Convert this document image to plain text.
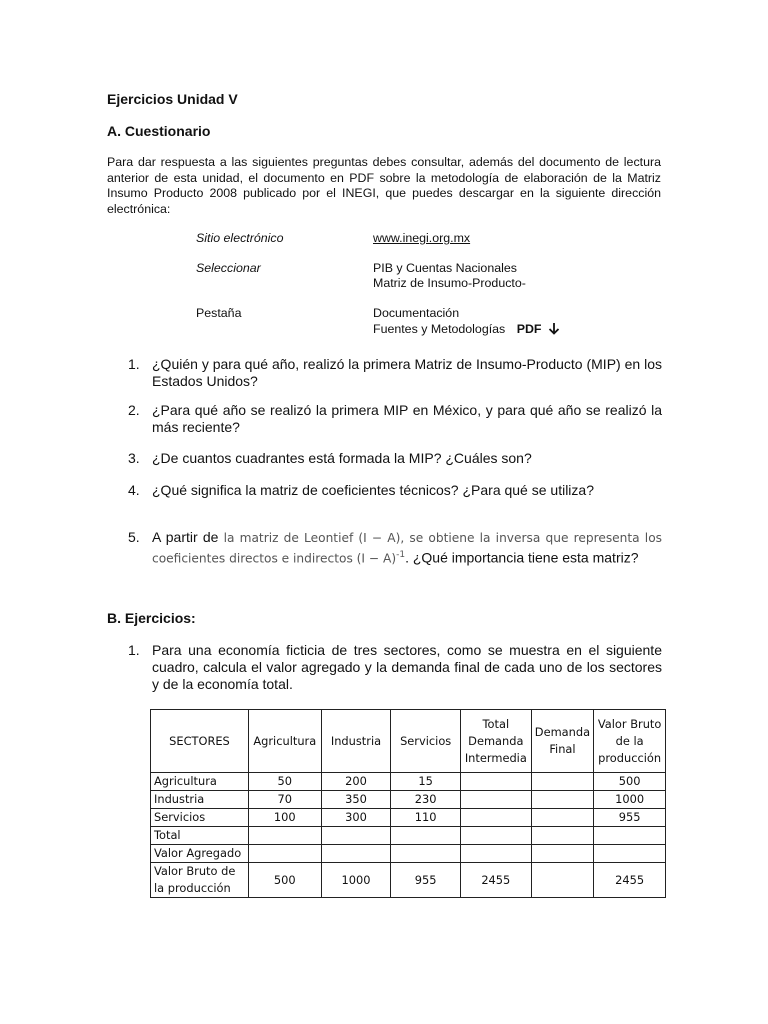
Ejercicios Unidad V
A. Cuestionario
Para dar respuesta a las siguientes preguntas debes consultar, además del documento de lectura anterior de esta unidad, el documento en PDF sobre la metodología de elaboración de la Matriz Insumo Producto 2008 publicado por el INEGI, que puedes descargar en la siguiente dirección electrónica:
Sitio electrónico	www.inegi.org.mx
Seleccionar	PIB y Cuentas Nacionales
Matriz de Insumo-Producto-
Pestaña	Documentación
Fuentes y Metodologías PDF
1. ¿Quién y para qué año, realizó la primera Matriz de Insumo-Producto (MIP) en los Estados Unidos?
2. ¿Para qué año se realizó la primera MIP en México, y para qué año se realizó la más reciente?
3. ¿De cuantos cuadrantes está formada la MIP? ¿Cuáles son?
4. ¿Qué significa la matriz de coeficientes técnicos? ¿Para qué se utiliza?
5. A partir de la matriz de Leontief (I − A), se obtiene la inversa que representa los coeficientes directos e indirectos $(I - A)^{-1}$. ¿Qué importancia tiene esta matriz?
B. Ejercicios:
1. Para una economía ficticia de tres sectores, como se muestra en el siguiente cuadro, calcula el valor agregado y la demanda final de cada uno de los sectores y de la economía total.
SECTORES	Agricultura	Industria	Servicios	Total Demanda Intermedia	Demanda Final	Valor Bruto de la producción
Agricultura	50	200	15			500
Industria	70	350	230			1000
Servicios	100	300	110			955
Total						
Valor Agregado						
Valor Bruto de la producción	500	1000	955	2455		2455
